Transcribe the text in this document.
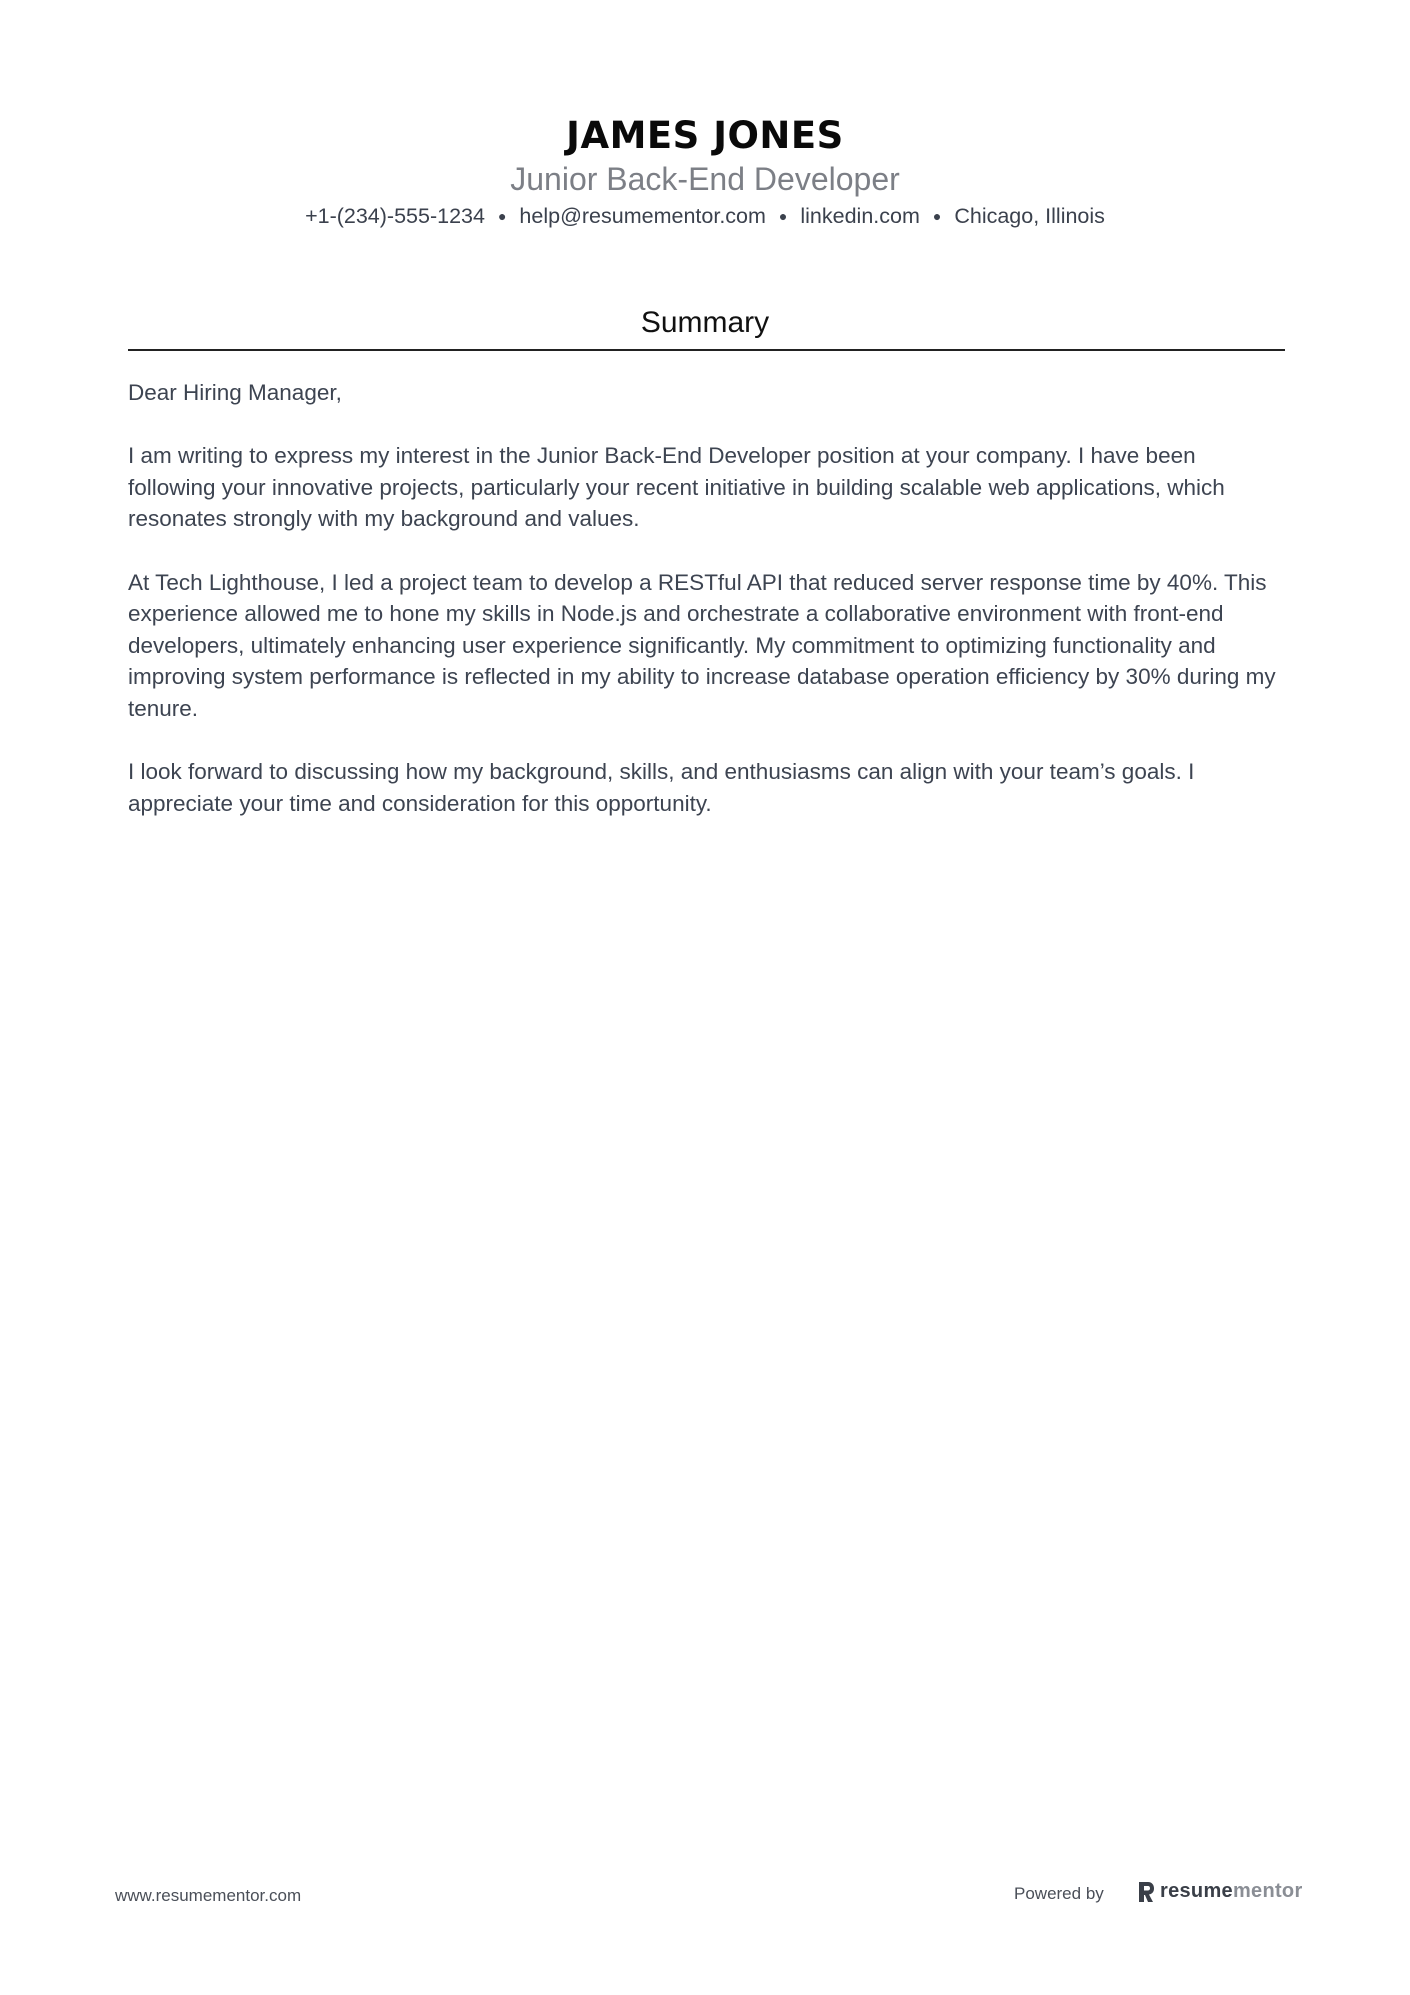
JAMES JONES
Junior Back-End Developer
+1-(234)-555-1234 ● help@resumementor.com ● linkedin.com ● Chicago, Illinois
Summary

Dear Hiring Manager,

I am writing to express my interest in the Junior Back-End Developer position at your company. I have been following your innovative projects, particularly your recent initiative in building scalable web applications, which resonates strongly with my background and values.

At Tech Lighthouse, I led a project team to develop a RESTful API that reduced server response time by 40%. This experience allowed me to hone my skills in Node.js and orchestrate a collaborative environment with front-end developers, ultimately enhancing user experience significantly. My commitment to optimizing functionality and improving system performance is reflected in my ability to increase database operation efficiency by 30% during my tenure.

I look forward to discussing how my background, skills, and enthusiasms can align with your team’s goals. I appreciate your time and consideration for this opportunity.

www.resumementor.com	Powered by	resumementor
